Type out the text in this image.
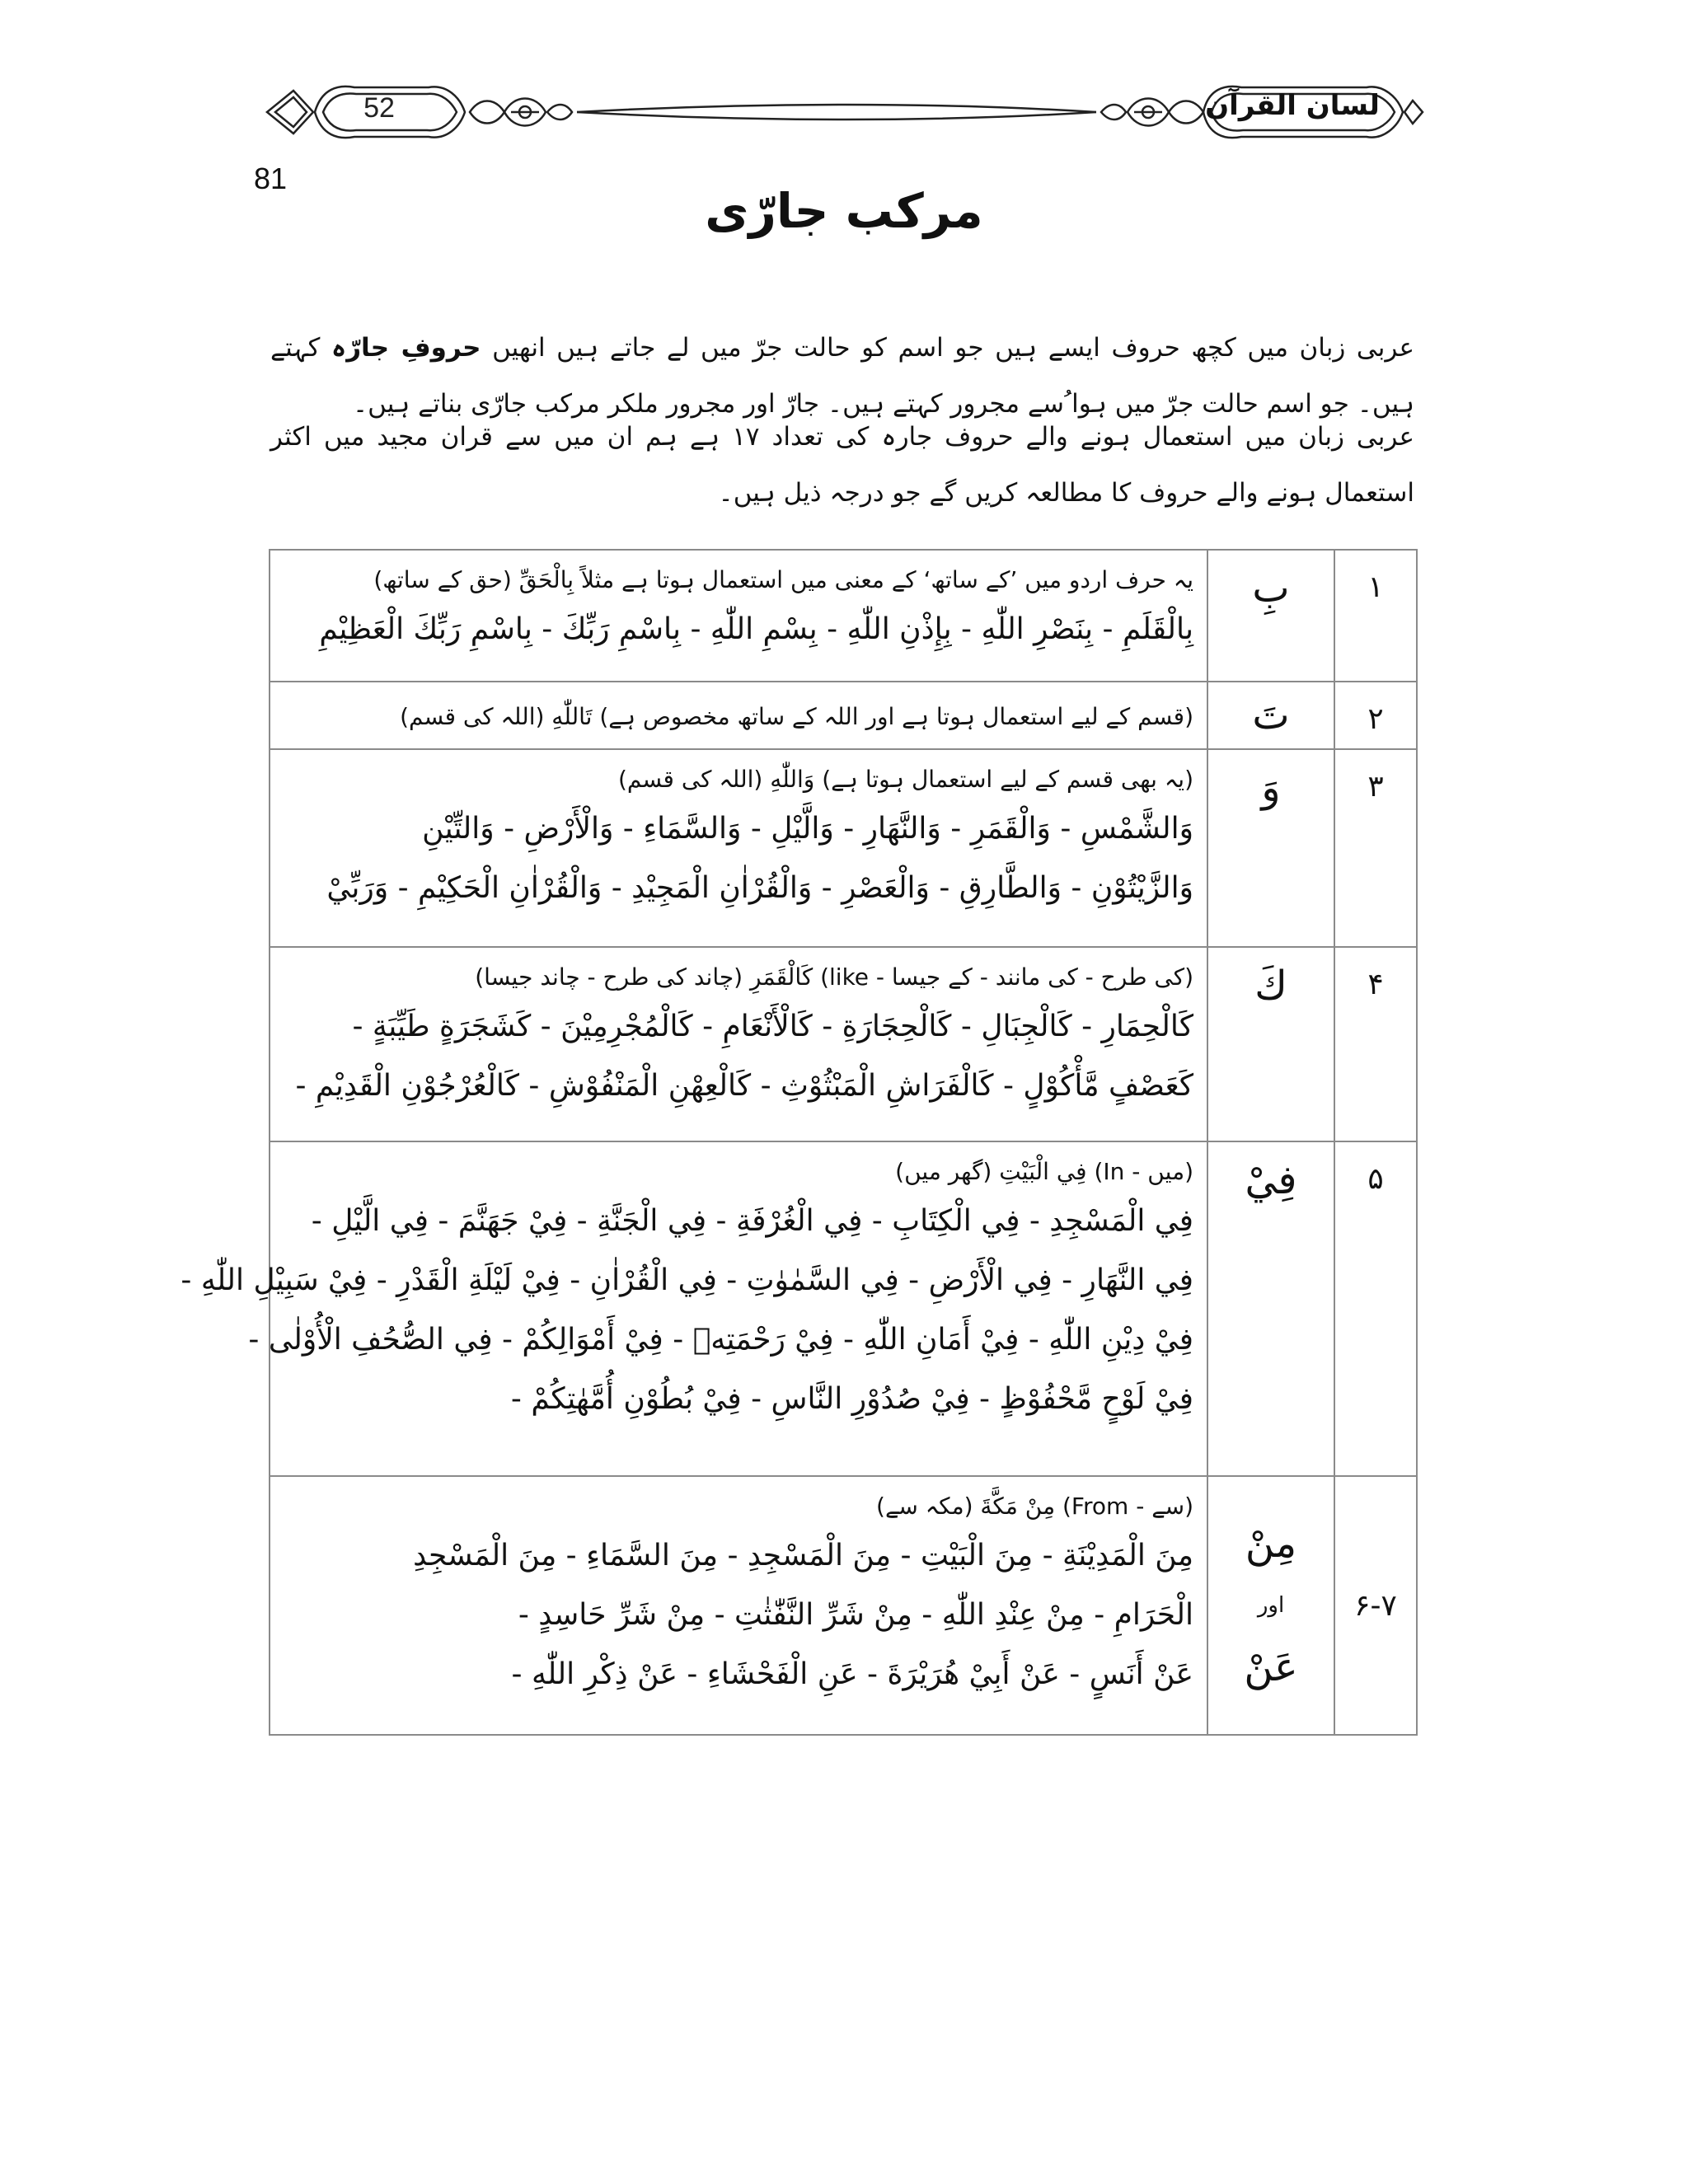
52	لسان القرآن
81
مرکب جارّی
عربی زبان میں کچھ حروف ایسے ہیں جو اسم کو حالت جرّ میں لے جاتے ہیں انھیں حروفِ جارّہ کہتے ہیں۔ جو اسم حالت جرّ میں ہوا ُسے مجرور کہتے ہیں۔ جارّ اور مجرور ملکر مرکب جارّی بناتے ہیں۔
عربی زبان میں استعمال ہونے والے حروف جارہ کی تعداد ۱۷ ہے ہم ان میں سے قران مجید میں اکثر استعمال ہونے والے حروف کا مطالعہ کریں گے جو درجہ ذیل ہیں۔
۱
بِ
یہ حرف اردو میں ’کے ساتھ‘ کے معنی میں استعمال ہوتا ہے مثلاً بِالْحَقِّ (حق کے ساتھ)
بِالْقَلَمِ - بِنَصْرِ اللّٰهِ - بِإِذْنِ اللّٰهِ - بِسْمِ اللّٰهِ - بِاسْمِ رَبِّكَ - بِاسْمِ رَبِّكَ الْعَظِيْمِ
۲
تَ
(قسم کے لیے استعمال ہوتا ہے اور اللہ کے ساتھ مخصوص ہے) تَاللّٰهِ (اللہ کی قسم)
۳
وَ
(یہ بھی قسم کے لیے استعمال ہوتا ہے) وَاللّٰهِ (اللہ کی قسم)
وَالشَّمْسِ - وَالْقَمَرِ - وَالنَّهَارِ - وَالَّيْلِ - وَالسَّمَاءِ - وَالْأَرْضِ - وَالتِّيْنِ
وَالزَّيْتُوْنِ - وَالطَّارِقِ - وَالْعَصْرِ - وَالْقُرْاٰنِ الْمَجِيْدِ - وَالْقُرْاٰنِ الْحَكِيْمِ - وَرَبِّيْ
۴
كَ
(کی طرح - کی مانند - کے جیسا - like) كَالْقَمَرِ (چاند کی طرح - چاند جیسا)
كَالْحِمَارِ - كَالْجِبَالِ - كَالْحِجَارَةِ - كَالْأَنْعَامِ - كَالْمُجْرِمِيْنَ - كَشَجَرَةٍ طَيِّبَةٍ -
كَعَصْفٍ مَّأْكُوْلٍ - كَالْفَرَاشِ الْمَبْثُوْثِ - كَالْعِهْنِ الْمَنْفُوْشِ - كَالْعُرْجُوْنِ الْقَدِيْمِ -
۵
فِيْ
(میں - In) فِي الْبَيْتِ (گھر میں)
فِي الْمَسْجِدِ - فِي الْكِتَابِ - فِي الْغُرْفَةِ - فِي الْجَنَّةِ - فِيْ جَهَنَّمَ - فِي الَّيْلِ -
فِي النَّهَارِ - فِي الْأَرْضِ - فِي السَّمٰوٰتِ - فِي الْقُرْاٰنِ - فِيْ لَيْلَةِ الْقَدْرِ - فِيْ سَبِيْلِ اللّٰهِ -
فِيْ دِيْنِ اللّٰهِ - فِيْ أَمَانِ اللّٰهِ - فِيْ رَحْمَتِهٖ - فِيْ أَمْوَالِكُمْ - فِي الصُّحُفِ الْأُوْلٰى -
فِيْ لَوْحٍ مَّحْفُوْظٍ - فِيْ صُدُوْرِ النَّاسِ - فِيْ بُطُوْنِ أُمَّهٰتِكُمْ -
۶-۷
مِنْ
اور
عَنْ
(سے - From) مِنْ مَكَّةَ (مکہ سے)
مِنَ الْمَدِيْنَةِ - مِنَ الْبَيْتِ - مِنَ الْمَسْجِدِ - مِنَ السَّمَاءِ - مِنَ الْمَسْجِدِ
الْحَرَامِ - مِنْ عِنْدِ اللّٰهِ - مِنْ شَرِّ النَّفّٰثٰتِ - مِنْ شَرِّ حَاسِدٍ -
عَنْ أَنَسٍ - عَنْ أَبِيْ هُرَيْرَةَ - عَنِ الْفَحْشَاءِ - عَنْ ذِكْرِ اللّٰهِ -
